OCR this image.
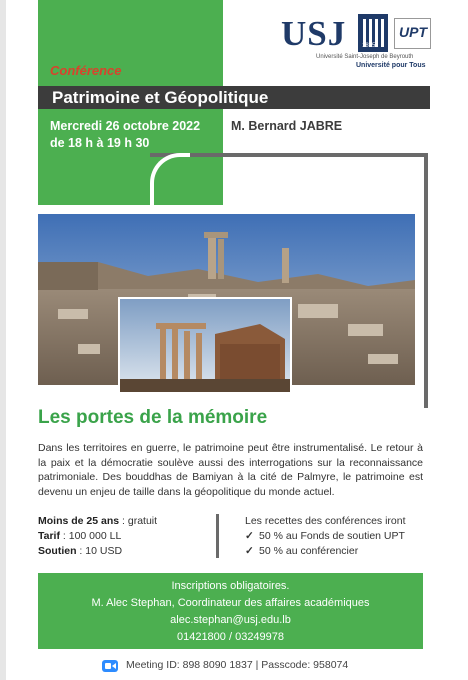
Conférence
Patrimoine et Géopolitique
Mercredi 26 octobre 2022
de 18 h à 19 h 30
M. Bernard JABRE
USJ	1875
UPT
Université Saint-Joseph de Beyrouth
Université pour Tous
Les portes de la mémoire
Dans les territoires en guerre, le patrimoine peut être instrumentalisé. Le retour à la paix et la démocratie soulève aussi des interrogations sur la reconnaissance patrimoniale. Des bouddhas de Bamiyan à la cité de Palmyre, le patrimoine est devenu un enjeu de taille dans la géopolitique du monde actuel.
Moins de 25 ans : gratuit
Tarif : 100 000 LL
Soutien : 10 USD
Les recettes des conférences iront
✓ 50 % au Fonds de soutien UPT
✓ 50 % au conférencier
Inscriptions obligatoires.
M. Alec Stephan, Coordinateur des affaires académiques
alec.stephan@usj.edu.lb
01421800 / 03249978
Meeting ID: 898 8090 1837 | Passcode: 958074
